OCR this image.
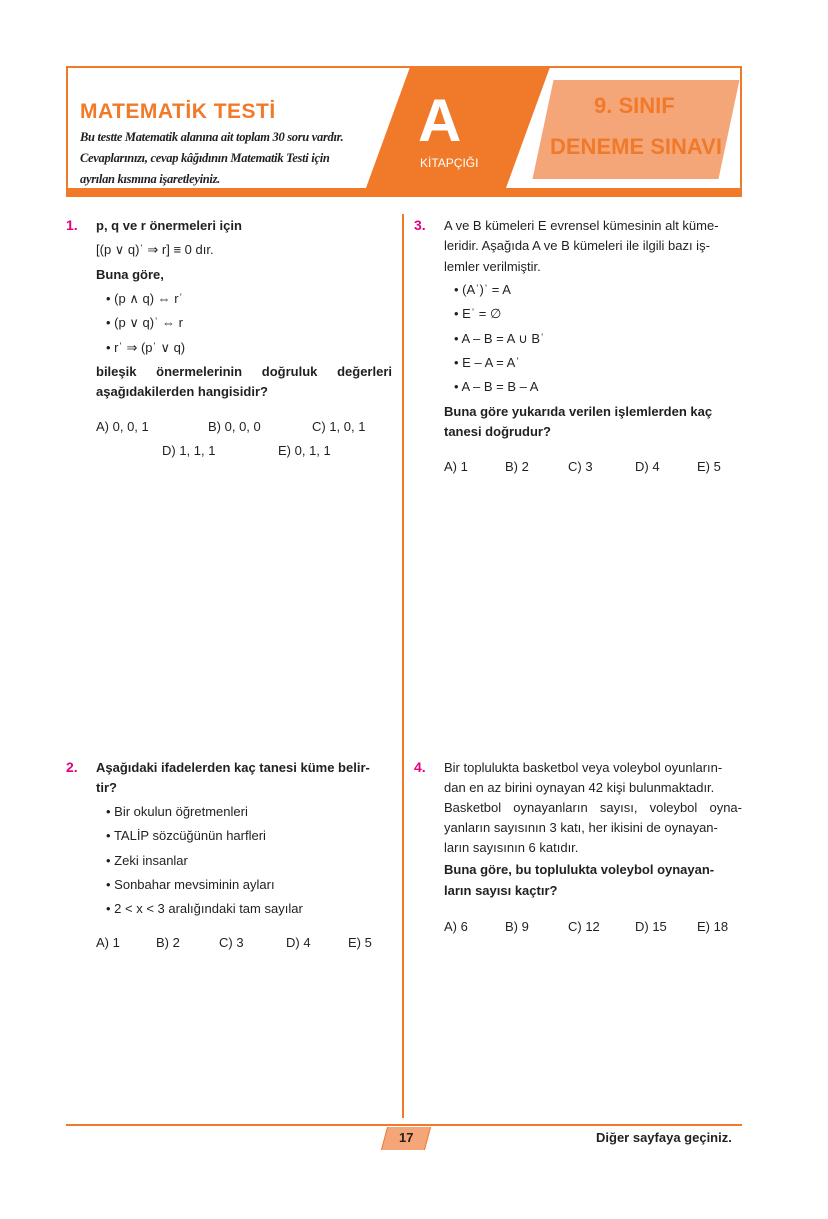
MATEMATİK TESTİ
Bu testte Matematik alanına ait toplam 30 soru vardır.
Cevaplarınızı, cevap kâğıdının Matematik Testi için
ayrılan kısmına işaretleyiniz.
A
KİTAPÇIĞI
9. SINIF
DENEME SINAVI
1. p, q ve r önermeleri için
[(p ∨ q)ˈ ⇒ r] ≡ 0 dır.
Buna göre,
• (p ∧ q) ⇔ rˈ
• (p ∨ q)ˈ ⇔ r
• rˈ ⇒ (pˈ ∨ q)
bileşik önermelerinin doğruluk değerleri
aşağıdakilerden hangisidir?
A) 0, 0, 1	B) 0, 0, 0	C) 1, 0, 1
D) 1, 1, 1	E) 0, 1, 1
3. A ve B kümeleri E evrensel kümesinin alt küme-
leridir. Aşağıda A ve B kümeleri ile ilgili bazı iş-
lemler verilmiştir.
• (Aˈ)ˈ = A
• Eˈ = ∅
• A – B = A ∪ Bˈ
• E – A = Aˈ
• A – B = B – A
Buna göre yukarıda verilen işlemlerden kaç
tanesi doğrudur?
A) 1	B) 2	C) 3	D) 4	E) 5
2. Aşağıdaki ifadelerden kaç tanesi küme belir-
tir?
• Bir okulun öğretmenleri
• TALİP sözcüğünün harfleri
• Zeki insanlar
• Sonbahar mevsiminin ayları
• 2 < x < 3 aralığındaki tam sayılar
A) 1	B) 2	C) 3	D) 4	E) 5
4. Bir toplulukta basketbol veya voleybol oyunların-
dan en az birini oynayan 42 kişi bulunmaktadır.
Basketbol oynayanların sayısı, voleybol oyna-
yanların sayısının 3 katı, her ikisini de oynayan-
ların sayısının 6 katıdır.
Buna göre, bu toplulukta voleybol oynayan-
ların sayısı kaçtır?
A) 6	B) 9	C) 12	D) 15 E) 18
17	Diğer sayfaya geçiniz.
